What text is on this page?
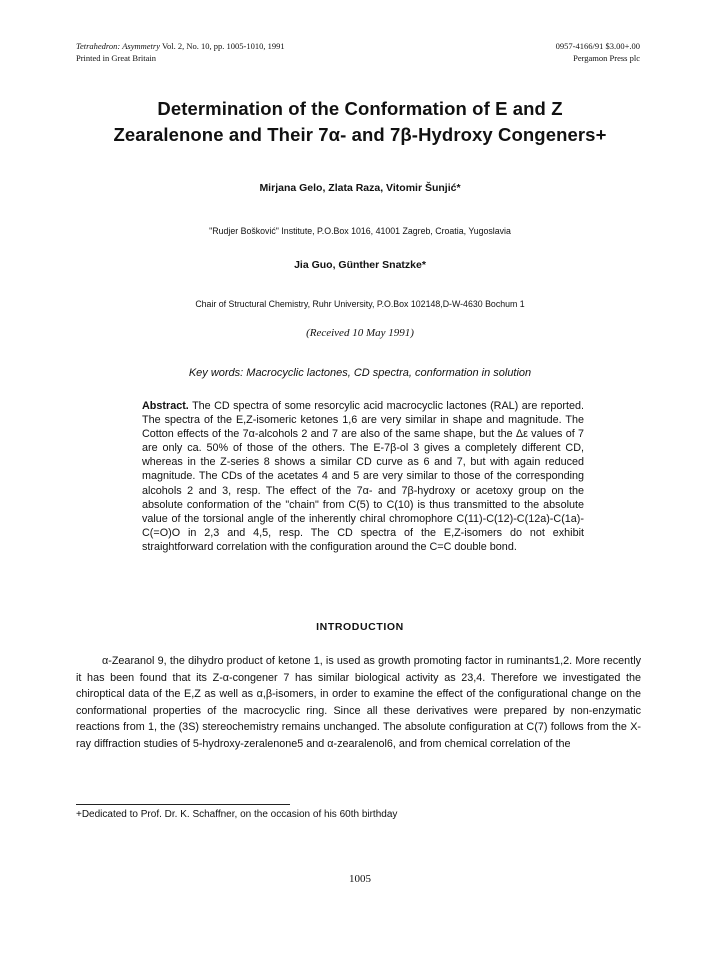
Tetrahedron: Asymmetry Vol. 2, No. 10, pp. 1005-1010, 1991
Printed in Great Britain
0957-4166/91 $3.00+.00
Pergamon Press plc
Determination of the Conformation of E and Z
Zearalenone and Their 7α- and 7β-Hydroxy Congeners+
Mirjana Gelo, Zlata Raza, Vitomir Šunjić*
"Rudjer Bošković" Institute, P.O.Box 1016, 41001 Zagreb, Croatia, Yugoslavia
Jia Guo, Günther Snatzke*
Chair of Structural Chemistry, Ruhr University, P.O.Box 102148,D-W-4630 Bochum 1
(Received 10 May 1991)
Key words: Macrocyclic lactones, CD spectra, conformation in solution
Abstract. The CD spectra of some resorcylic acid macrocyclic lactones (RAL) are reported. The spectra of the E,Z-isomeric ketones 1,6 are very similar in shape and magnitude. The Cotton effects of the 7α-alcohols 2 and 7 are also of the same shape, but the Δε values of 7 are only ca. 50% of those of the others. The E-7β-ol 3 gives a completely different CD, whereas in the Z-series 8 shows a similar CD curve as 6 and 7, but with again reduced magnitude. The CDs of the acetates 4 and 5 are very similar to those of the corresponding alcohols 2 and 3, resp. The effect of the 7α- and 7β-hydroxy or acetoxy group on the absolute conformation of the "chain" from C(5) to C(10) is thus transmitted to the absolute value of the torsional angle of the inherently chiral chromophore C(11)-C(12)-C(12a)-C(1a)-C(=O)O in 2,3 and 4,5, resp. The CD spectra of the E,Z-isomers do not exhibit straightforward correlation with the configuration around the C=C double bond.
INTRODUCTION

α-Zearanol 9, the dihydro product of ketone 1, is used as growth promoting factor in ruminants1,2. More recently it has been found that its Z-α-congener 7 has similar biological activity as 23,4. Therefore we investigated the chiroptical data of the E,Z as well as α,β-isomers, in order to examine the effect of the configurational change on the conformational properties of the macrocyclic ring. Since all these derivatives were prepared by non-enzymatic reactions from 1, the (3S) stereochemistry remains unchanged. The absolute configuration at C(7) follows from the X-ray diffraction studies of 5-hydroxy-zeralenone5 and α-zearalenol6, and from chemical correlation of the

+Dedicated to Prof. Dr. K. Schaffner, on the occasion of his 60th birthday
1005
